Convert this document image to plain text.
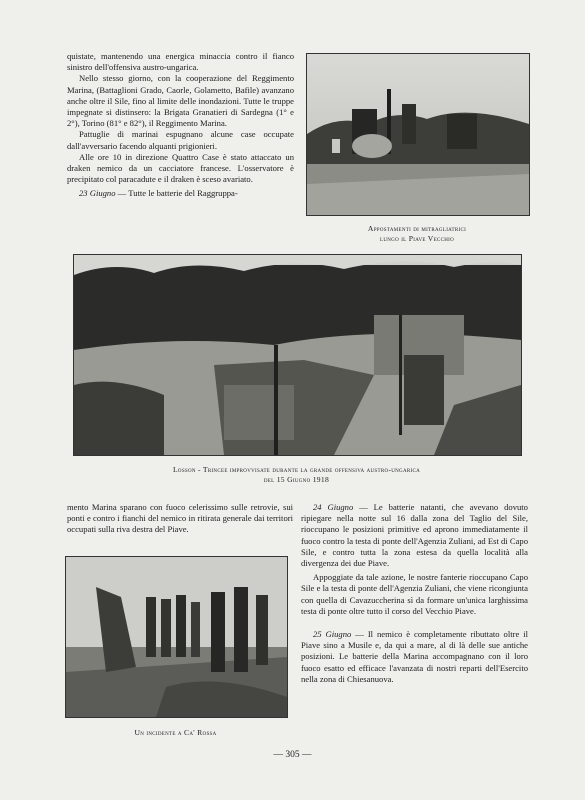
quistate, mantenendo una energica minaccia contro il fianco sinistro dell'offensiva austro-ungarica.

Nello stesso giorno, con la cooperazione del Reggimento Marina, (Battaglioni Grado, Caorle, Golametto, Bafile) avanzano anche oltre il Sile, fino al limite delle inondazioni. Tutte le truppe impegnate si distinsero: la Brigata Granatieri di Sardegna (1° e 2°), Torino (81° e 82°), il Reggimento Marina.

Pattuglie di marinai espugnano alcune case occupate dall'avversario facendo alquanti prigionieri.

Alle ore 10 in direzione Quattro Case è stato attaccato un draken nemico da un cacciatore francese. L'osservatore è precipitato col paracadute e il draken è sceso avariato.

23 Giugno — Tutte le batterie del Raggruppa-

Appostamenti di mitragliatrici
lungo il Piave Vecchio
Losson - Trincee improvvisate durante la grande offensiva austro-ungarica
del 15 Giugno 1918

mento Marina sparano con fuoco celerissimo sulle retrovie, sui ponti e contro i fianchi del nemico in ritirata generale dai territori occupati sulla riva destra del Piave.

Un incidente a Ca' Rossa

24 Giugno — Le batterie natanti, che avevano dovuto ripiegare nella notte sul 16 dalla zona del Taglio del Sile, rioccupano le posizioni primitive ed aprono immediatamente il fuoco contro la testa di ponte dell'Agenzia Zuliani, ad Est di Capo Sile, e contro tutta la zona estesa da quella località alla divergenza dei due Piave.

Appoggiate da tale azione, le nostre fanterie rioccupano Capo Sile e la testa di ponte dell'Agenzia Zuliani, che viene ricongiunta con quella di Cavazuccherina sì da formare un'unica larghissima testa di ponte oltre tutto il corso del Vecchio Piave.

25 Giugno — Il nemico è completamente ributtato oltre il Piave sino a Musile e, da qui a mare, al di là delle sue antiche posizioni. Le batterie della Marina accompagnano con il loro fuoco esatto ed efficace l'avanzata di nostri reparti dell'Esercito nella zona di Chiesanuova.

— 305 —
